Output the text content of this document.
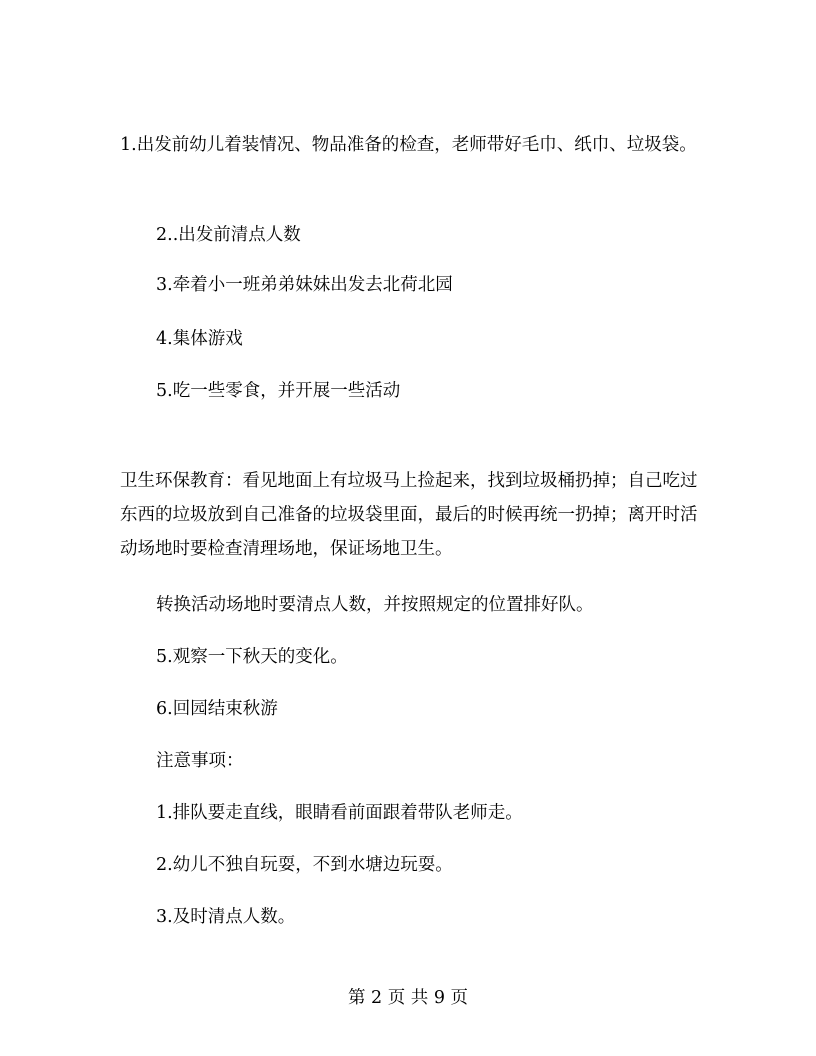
1.出发前幼儿着装情况、物品准备的检查，老师带好毛巾、纸巾、垃圾袋。
2..出发前清点人数
3.牵着小一班弟弟妹妹出发去北荷北园
4.集体游戏
5.吃一些零食，并开展一些活动
卫生环保教育：看见地面上有垃圾马上捡起来，找到垃圾桶扔掉；自己吃过东西的垃圾放到自己准备的垃圾袋里面，最后的时候再统一扔掉；离开时活动场地时要检查清理场地，保证场地卫生。
转换活动场地时要清点人数，并按照规定的位置排好队。
5.观察一下秋天的变化。
6.回园结束秋游
注意事项：
1.排队要走直线，眼睛看前面跟着带队老师走。
2.幼儿不独自玩耍，不到水塘边玩耍。
3.及时清点人数。
第 2 页 共 9 页
